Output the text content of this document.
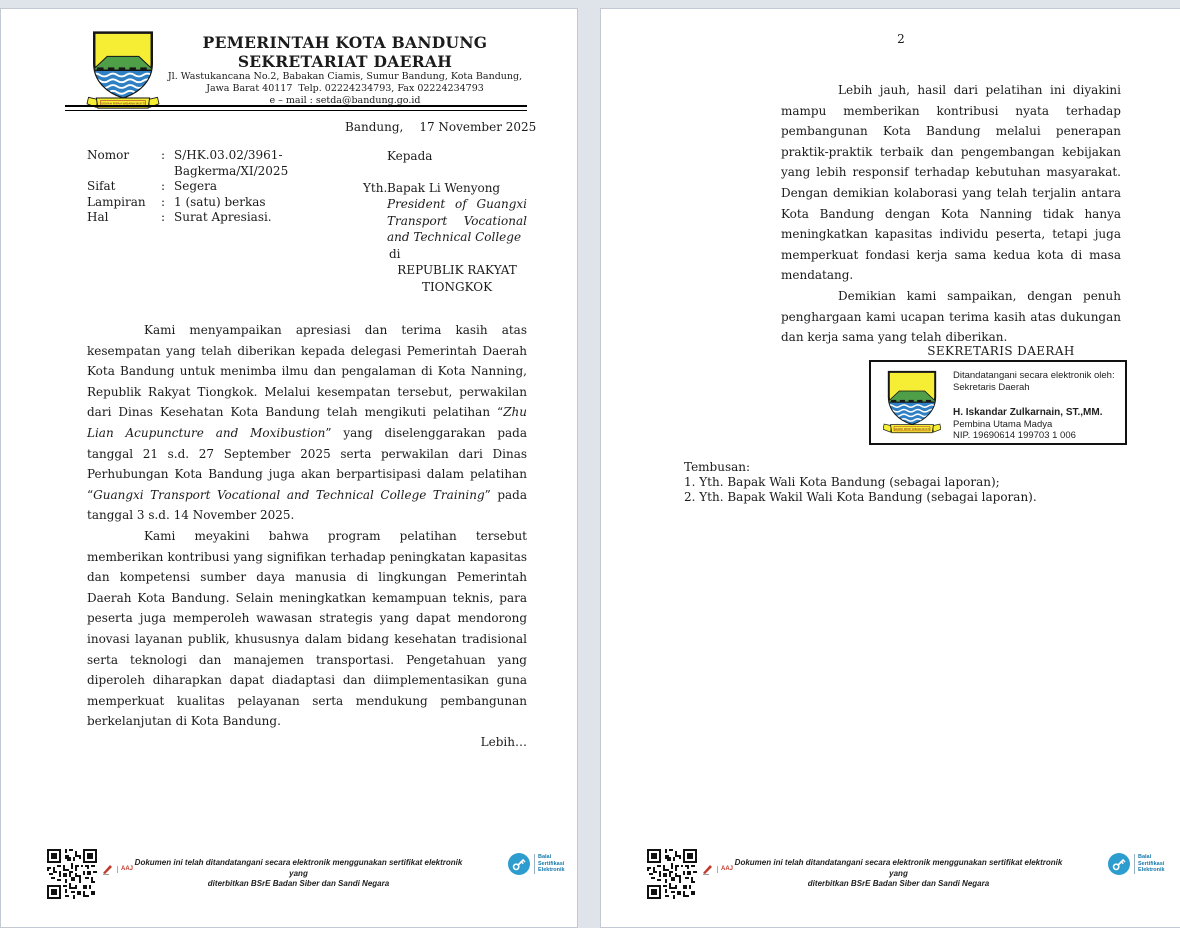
GEMAH RIPAH WIBAWA MUKTI
PEMERINTAH KOTA BANDUNG
SEKRETARIAT DAERAH
Jl. Wastukancana No.2, Babakan Ciamis, Sumur Bandung, Kota Bandung,
Jawa Barat 40117  Telp. 02224234793, Fax 02224234793
e – mail : setda@bandung.go.id
Bandung, 17 November 2025
Nomor	: S/HK.03.02/3961-Bagkerma/XI/2025
Sifat	: Segera
Lampiran	: 1 (satu) berkas
Hal	: Surat Apresiasi.
Kepada
Yth. Bapak Li Wenyong
President of Guangxi Transport Vocational and Technical College
di
REPUBLIK RAKYAT
TIONGKOK

Kami menyampaikan apresiasi dan terima kasih atas kesempatan yang telah diberikan kepada delegasi Pemerintah Daerah Kota Bandung untuk menimba ilmu dan pengalaman di Kota Nanning, Republik Rakyat Tiongkok. Melalui kesempatan tersebut, perwakilan dari Dinas Kesehatan Kota Bandung telah mengikuti pelatihan “Zhu Lian Acupuncture and Moxibustion” yang diselenggarakan pada tanggal 21 s.d. 27 September 2025 serta perwakilan dari Dinas Perhubungan Kota Bandung juga akan berpartisipasi dalam pelatihan “Guangxi Transport Vocational and Technical College Training” pada tanggal 3 s.d. 14 November 2025.

Kami meyakini bahwa program pelatihan tersebut memberikan kontribusi yang signifikan terhadap peningkatan kapasitas dan kompetensi sumber daya manusia di lingkungan Pemerintah Daerah Kota Bandung. Selain meningkatkan kemampuan teknis, para peserta juga memperoleh wawasan strategis yang dapat mendorong inovasi layanan publik, khususnya dalam bidang kesehatan tradisional serta teknologi dan manajemen transportasi. Pengetahuan yang diperoleh diharapkan dapat diadaptasi dan diimplementasikan guna memperkuat kualitas pelayanan serta mendukung pembangunan berkelanjutan di Kota Bandung.

Lebih…

AAJ
Dokumen ini telah ditandatangani secara elektronik menggunakan sertifikat elektronik yang
diterbitkan BSrE Badan Siber dan Sandi Negara
Balai
Sertifikasi
Elektronik
2

Lebih jauh, hasil dari pelatihan ini diyakini mampu memberikan kontribusi nyata terhadap pembangunan Kota Bandung melalui penerapan praktik-praktik terbaik dan pengembangan kebijakan yang lebih responsif terhadap kebutuhan masyarakat. Dengan demikian kolaborasi yang telah terjalin antara Kota Bandung dengan Kota Nanning tidak hanya meningkatkan kapasitas individu peserta, tetapi juga memperkuat fondasi kerja sama kedua kota di masa mendatang.

Demikian kami sampaikan, dengan penuh penghargaan kami ucapan terima kasih atas dukungan dan kerja sama yang telah diberikan.

SEKRETARIS DAERAH
GEMAH RIPAH WIBAWA MUKTI
Ditandatangani secara elektronik oleh:
Sekretaris Daerah
H. Iskandar Zulkarnain, ST.,MM.
Pembina Utama Madya
NIP. 19690614 199703 1 006
Tembusan:
1. Yth. Bapak Wali Kota Bandung (sebagai laporan);
2. Yth. Bapak Wakil Wali Kota Bandung (sebagai laporan).
AAJ
Dokumen ini telah ditandatangani secara elektronik menggunakan sertifikat elektronik yang
diterbitkan BSrE Badan Siber dan Sandi Negara
Balai
Sertifikasi
Elektronik
